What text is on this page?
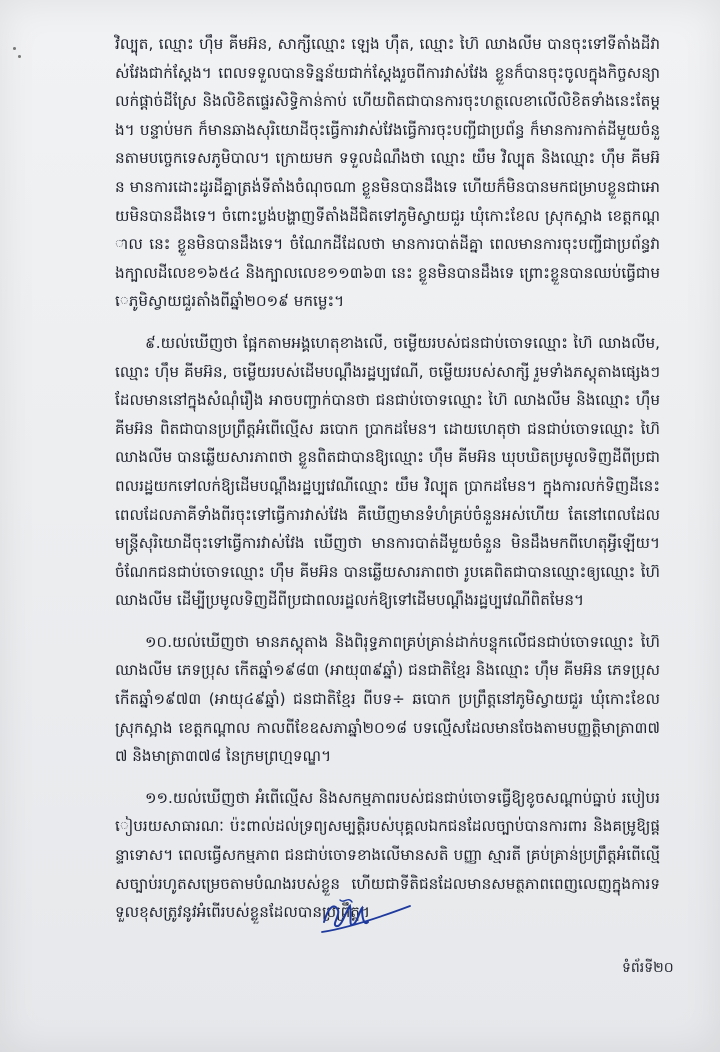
វិល្បុត, ឈ្មោះ ហ៊ឹម គីមអ៊ន, សាក្សីឈ្មោះ ឡេង ហ៊ឹត, ឈ្មោះ ហ៊ៃ ឈាងលីម បានចុះទៅទីតាំងដីវាស់វែងជាក់ស្តែង។ ពេលទទួលបានទិន្នន័យជាក់ស្តែងរួចពីការវាស់វែង ខ្លួនក៏បានចុះចូលក្នុងកិច្ចសន្យាលក់ផ្តាច់ដីស្រែ និងលិខិតផ្ទេរសិទ្ធិកាន់កាប់ ហើយពិតជាបានការចុះហត្ថលេខាលើលិខិតទាំងនេះតែម្តង។ បន្ទាប់មក ក៏មានឆាងសុរិយោដីចុះធ្វើការវាស់វែងធ្វើការចុះបញ្ជីជាប្រព័ន្ធ ក៏មានការកាត់ដីមួយចំនួនតាមបច្ចេកទេសភូមិបាល។ ក្រោយមក ទទួលដំណឹងថា ឈ្មោះ យឹម វិល្បុត និងឈ្មោះ ហ៊ឹម គីមអ៊ន មានការដោះដូរដីគ្នាត្រង់ទីតាំងចំណុចណា ខ្លួនមិនបានដឹងទេ ហើយក៏មិនបានមកជម្រាបខ្លួនជាអោយមិនបានដឹងទេ។ ចំពោះប្លង់បង្ហាញទីតាំងដីជិតទៅភូមិស្វាយជួរ ឃុំកោះខែល ស្រុកស្អាង ខេត្តកណ្តាល នេះ ខ្លួនមិនបានដឹងទេ។ ចំណែកដីដែលថា មានការបាត់ដីគ្នា ពេលមានការចុះបញ្ជីជាប្រព័ន្ធវាងក្បាលដីលេខ១៦៥៤ និងក្បាលលេខ១១៣៦៣ នេះ ខ្លួនមិនបានដឹងទេ ព្រោះខ្លួនបានឈប់ធ្វើជាមេភូមិស្វាយជួរតាំងពីឆ្នាំ២០១៩ មកម្លេះ។

៩.យល់ឃើញថា ផ្អែកតាមអង្គហេតុខាងលើ, ចម្លើយរបស់ជនជាប់ចោទឈ្មោះ ហ៊ៃ ឈាងលីម, ឈ្មោះ ហ៊ឹម គីមអ៊ន, ចម្លើយរបស់ដើមបណ្តឹងរដ្ឋប្បវេណី, ចម្លើយរបស់សាក្សី រួមទាំងភស្តុតាងផ្សេងៗ ដែលមាននៅក្នុងសំណុំរឿង អាចបញ្ជាក់បានថា ជនជាប់ចោទឈ្មោះ ហ៊ៃ ឈាងលីម និងឈ្មោះ ហ៊ឹម គីមអ៊ន ពិតជាបានប្រព្រឹត្តអំពើល្មើស ឆបោក ប្រាកដមែន។ ដោយហេតុថា ជនជាប់ចោទឈ្មោះ ហ៊ៃ ឈាងលីម បានឆ្លើយសារភាពថា ខ្លួនពិតជាបានឱ្យឈ្មោះ ហ៊ឹម គីមអ៊ន ឃុបឃិតប្រមូលទិញដីពីប្រជាពលរដ្ឋយកទៅលក់ឱ្យដើមបណ្តឹងរដ្ឋប្បវេណីឈ្មោះ យឹម វិល្បុត ប្រាកដមែន។ ក្នុងការលក់ទិញដីនេះ ពេលដែលភាគីទាំងពីរចុះទៅធ្វើការវាស់វែង គឺឃើញមានទំហំគ្រប់ចំនួនអស់ហើយ តែនៅពេលដែលមន្ត្រីសុរិយោដីចុះទៅធ្វើការវាស់វែង ឃើញថា មានការបាត់ដីមួយចំនួន មិនដឹងមកពីហេតុអ្វីឡើយ។ ចំណែកជនជាប់ចោទឈ្មោះ ហ៊ឹម គីមអ៊ន បានឆ្លើយសារភាពថា រូបគេពិតជាបានឈ្មោះឲ្យឈ្មោះ ហ៊ៃ ឈាងលីម ដើម្បីប្រមូលទិញដីពីប្រជាពលរដ្ឋលក់ឱ្យទៅដើមបណ្តឹងរដ្ឋប្បវេណីពិតមែន។

១០.យល់ឃើញថា មានភស្តុតាង និងពិរុទ្ធភាពគ្រប់គ្រាន់ដាក់បន្ទុកលើជនជាប់ចោទឈ្មោះ ហ៊ៃ ឈាងលីម ភេទប្រុស កើតឆ្នាំ១៩៨៣ (អាយុ៣៩ឆ្នាំ) ជនជាតិខ្មែរ និងឈ្មោះ ហ៊ឹម គីមអ៊ន ភេទប្រុស កើតឆ្នាំ១៩៧៣ (អាយុ៤៩ឆ្នាំ) ជនជាតិខ្មែរ ពីបទ÷ ឆបោក ប្រព្រឹត្តនៅភូមិស្វាយជួរ ឃុំកោះខែល ស្រុកស្អាង ខេត្តកណ្តាល កាលពីខែឧសភាឆ្នាំ២០១៨ បទល្មើសដែលមានចែងតាមបញ្ញត្តិមាត្រា៣៧៧ និងមាត្រា៣៧៨ នៃក្រមព្រហ្មទណ្ឌ។

១១.យល់ឃើញថា អំពើល្មើស និងសកម្មភាពរបស់ជនជាប់ចោទធ្វើឱ្យខូចសណ្តាប់ធ្នាប់ របៀបរៀបរយសាធារណៈ ប៉ះពាល់ដល់ទ្រព្យសម្បត្តិរបស់បុគ្គលឯកជនដែលច្បាប់បានការពារ និងគម្រូឱ្យផ្តន្ទាទោស។ ពេលធ្វើសកម្មភាព ជនជាប់ចោទខាងលើមានសតិ បញ្ញា ស្មារតី គ្រប់គ្រាន់ប្រព្រឹត្តអំពើល្មើសច្បាប់រហូតសម្រេចតាមបំណងរបស់ខ្លួន ហើយជាទីតិជនដែលមានសមត្ថភាពពេញលេញក្នុងការទទួលខុសត្រូវនូវអំពើរបស់ខ្លួនដែលបានប្រព្រឹត្ត។

ទំព័រទី២០
